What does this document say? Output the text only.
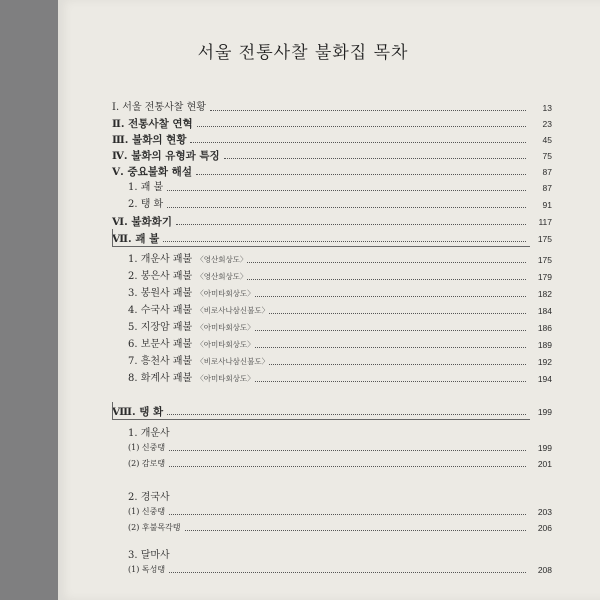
서울 전통사찰 불화집 목차
Ⅰ. 서울 전통사찰 현황	13
Ⅱ. 전통사찰 연혁	23
Ⅲ. 불화의 현황	45
Ⅳ. 불화의 유형과 특징	75
Ⅴ. 중요불화 해설	87
1. 괘 불	87
2. 탱 화	91
Ⅵ. 불화화기	117
Ⅶ. 괘 불	175
1. 개운사 괘불 〈영산회상도〉	175
2. 봉은사 괘불 〈영산회상도〉	179
3. 봉원사 괘불 〈아미타회상도〉	182
4. 수국사 괘불 〈비로사나삼신불도〉	184
5. 지장암 괘불 〈아미타회상도〉	186
6. 보문사 괘불 〈아미타회상도〉	189
7. 흥천사 괘불 〈비로사나삼신불도〉	192
8. 화계사 괘불 〈아미타회상도〉	194
Ⅷ. 탱 화	199
1. 개운사
(1) 신중탱	199
(2) 감로탱	201
2. 경국사
(1) 신중탱	203
(2) 후불목각탱	206
3. 달마사
(1) 독성탱	208
